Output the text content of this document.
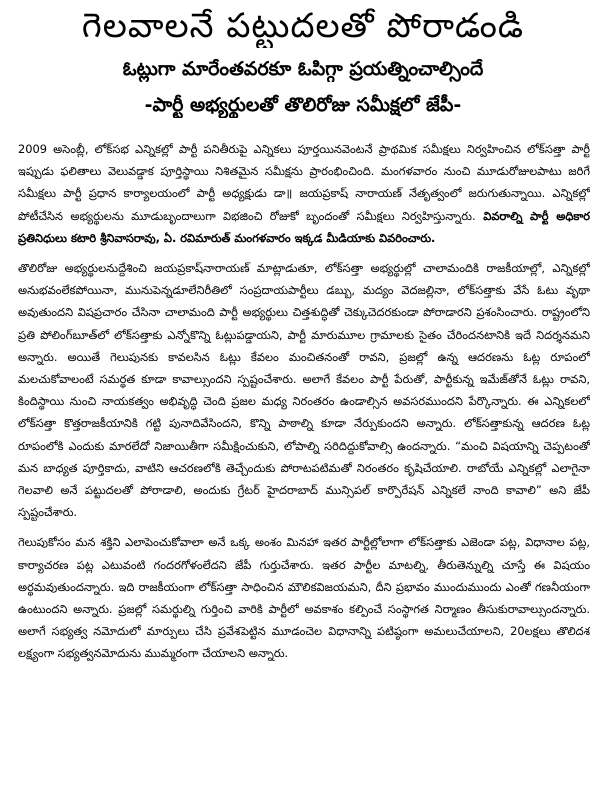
గెలవాలనే పట్టుదలతో పోరాడండి
ఓట్లుగా మారేంతవరకూ ఓపిగ్గా ప్రయత్నించాల్సిందే
-పార్టీ అభ్యర్థులతో తొలిరోజు సమీక్షలో జేపీ-

2009 అసెంబ్లీ, లోక్‌సభ ఎన్నికల్లో పార్టీ పనితీరుపై ఎన్నికలు పూర్తయినవెంటనే ప్రాథమిక సమీక్షలు నిర్వహించిన లోక్‌సత్తా పార్టీ ఇప్పుడు ఫలితాలు వెలువడ్డాక పూర్తిస్థాయి నిశితమైన సమీక్షను ప్రారంభించింది. మంగళవారం నుంచి మూడురోజులపాటు జరిగే సమీక్షలు పార్టీ ప్రధాన కార్యాలయంలో పార్టీ అధ్యక్షుడు డా॥ జయప్రకాష్ నారాయణ్ నేతృత్వంలో జరుగుతున్నాయి. ఎన్నికల్లో పోటీచేసిన అభ్యర్థులను మూడుబృందాలుగా విభజించి రోజుకో బృందంతో సమీక్షలు నిర్వహిస్తున్నారు. వివరాల్ని పార్టీ అధికార ప్రతినిధులు కటారి శ్రీనివాసరావు, ఏ. రవిమారుత్ మంగళవారం ఇక్కడ మీడియాకు వివరించారు.

తొలిరోజు అభ్యర్థులనుద్దేశించి జయప్రకాష్‌నారాయణ్ మాట్లాడుతూ, లోక్‌సత్తా అభ్యర్థుల్లో చాలామందికి రాజకీయాల్లో, ఎన్నికల్లో అనుభవంలేకపోయినా, మునుపెన్నడూలేనిరీతిలో సంప్రదాయపార్టీలు డబ్బు, మద్యం వెదజల్లినా, లోక్‌సత్తాకు వేసే ఓటు వృథా అవుతుందని విషప్రచారం చేసినా చాలామంది పార్టీ అభ్యర్థులు చిత్తశుద్ధితో చెక్కుచెదరకుండా పోరాడారని ప్రశంసించారు. రాష్ట్రంలోని ప్రతి పోలింగ్‌బూత్‌లో లోక్‌సత్తాకు ఎన్నోకొన్ని ఓట్లుపడ్డాయని, పార్టీ మారుమూల గ్రామాలకు సైతం చేరిందనటానికి ఇదే నిదర్శనమని అన్నారు. అయితే గెలుపునకు కావలసిన ఓట్లు కేవలం మంచితనంతో రావని, ప్రజల్లో ఉన్న ఆదరణను ఓట్ల రూపంలో మలచుకోవాలంటే సమర్థత కూడా కావాల్సుందని స్పష్టంచేశారు. అలాగే కేవలం పార్టీ పేరుతో, పార్టీకున్న ఇమేజ్‌తోనే ఓట్లు రావని, కిందిస్థాయి నుంచి నాయకత్వం అభివృద్ధి చెంది ప్రజల మధ్య నిరంతరం ఉండాల్సిన అవసరముందని పేర్కొన్నారు. ఈ ఎన్నికలలో లోక్‌సత్తా కొత్తరాజకీయానికి గట్టి పునాదివేసిందని, కొన్ని పాఠాల్ని కూడా నేర్పుకుందని అన్నారు. లోక్‌సత్తాకున్న ఆదరణ ఓట్ల రూపంలోకి ఎందుకు మారలేదో నిజాయితీగా సమీక్షించుకుని, లోపాల్ని సరిదిద్దుకోవాల్సి ఉందన్నారు. “మంచి విషయాన్ని చెప్పటంతో మన బాధ్యత పూర్తికాదు, వాటిని ఆచరణలోకి తెచ్చేందుకు పోరాటపటిమతో నిరంతరం కృషిచేయాలి. రాబోయే ఎన్నికల్లో ఎలాగైనా గెలవాలి అనే పట్టుదలతో పోరాడాలి, అందుకు గ్రేటర్ హైదరాబాద్ మున్సిపల్ కార్పొరేషన్ ఎన్నికలే నాంది కావాలి” అని జేపీ స్పష్టంచేశారు.

గెలుపుకోసం మన శక్తిని ఎలాపెంచుకోవాలా అనే ఒక్క అంశం మినహా ఇతర పార్టీల్లోలాగా లోక్‌సత్తాకు ఎజెండా పట్ల, విధానాల పట్ల, కార్యాచరణ పట్ల ఎటువంటి గందరగోళంలేదని జేపీ గుర్తుచేశారు. ఇతర పార్టీల మాటల్ని, తీరుతెన్నుల్ని చూస్తే ఈ విషయం అర్థమవుతుందన్నారు. ఇది రాజకీయంగా లోక్‌సత్తా సాధించిన మౌలికవిజయమని, దీని ప్రభావం ముందుముందు ఎంతో గణనీయంగా ఉంటుందని అన్నారు. ప్రజల్లో సమర్థుల్ని గుర్తించి వారికి పార్టీలో అవకాశం కల్పించే సంస్థాగత నిర్మాణం తీసుకురావాల్సుందన్నారు. అలాగే సభ్యత్వ నమోదులో మార్పులు చేసి ప్రవేశపెట్టిన మూడంచెల విధానాన్ని పటిష్ఠంగా అమలుచేయాలని, 20లక్షలు తొలిదశ లక్ష్యంగా సభ్యత్వనమోదును ముమ్మరంగా చేయాలని అన్నారు.
